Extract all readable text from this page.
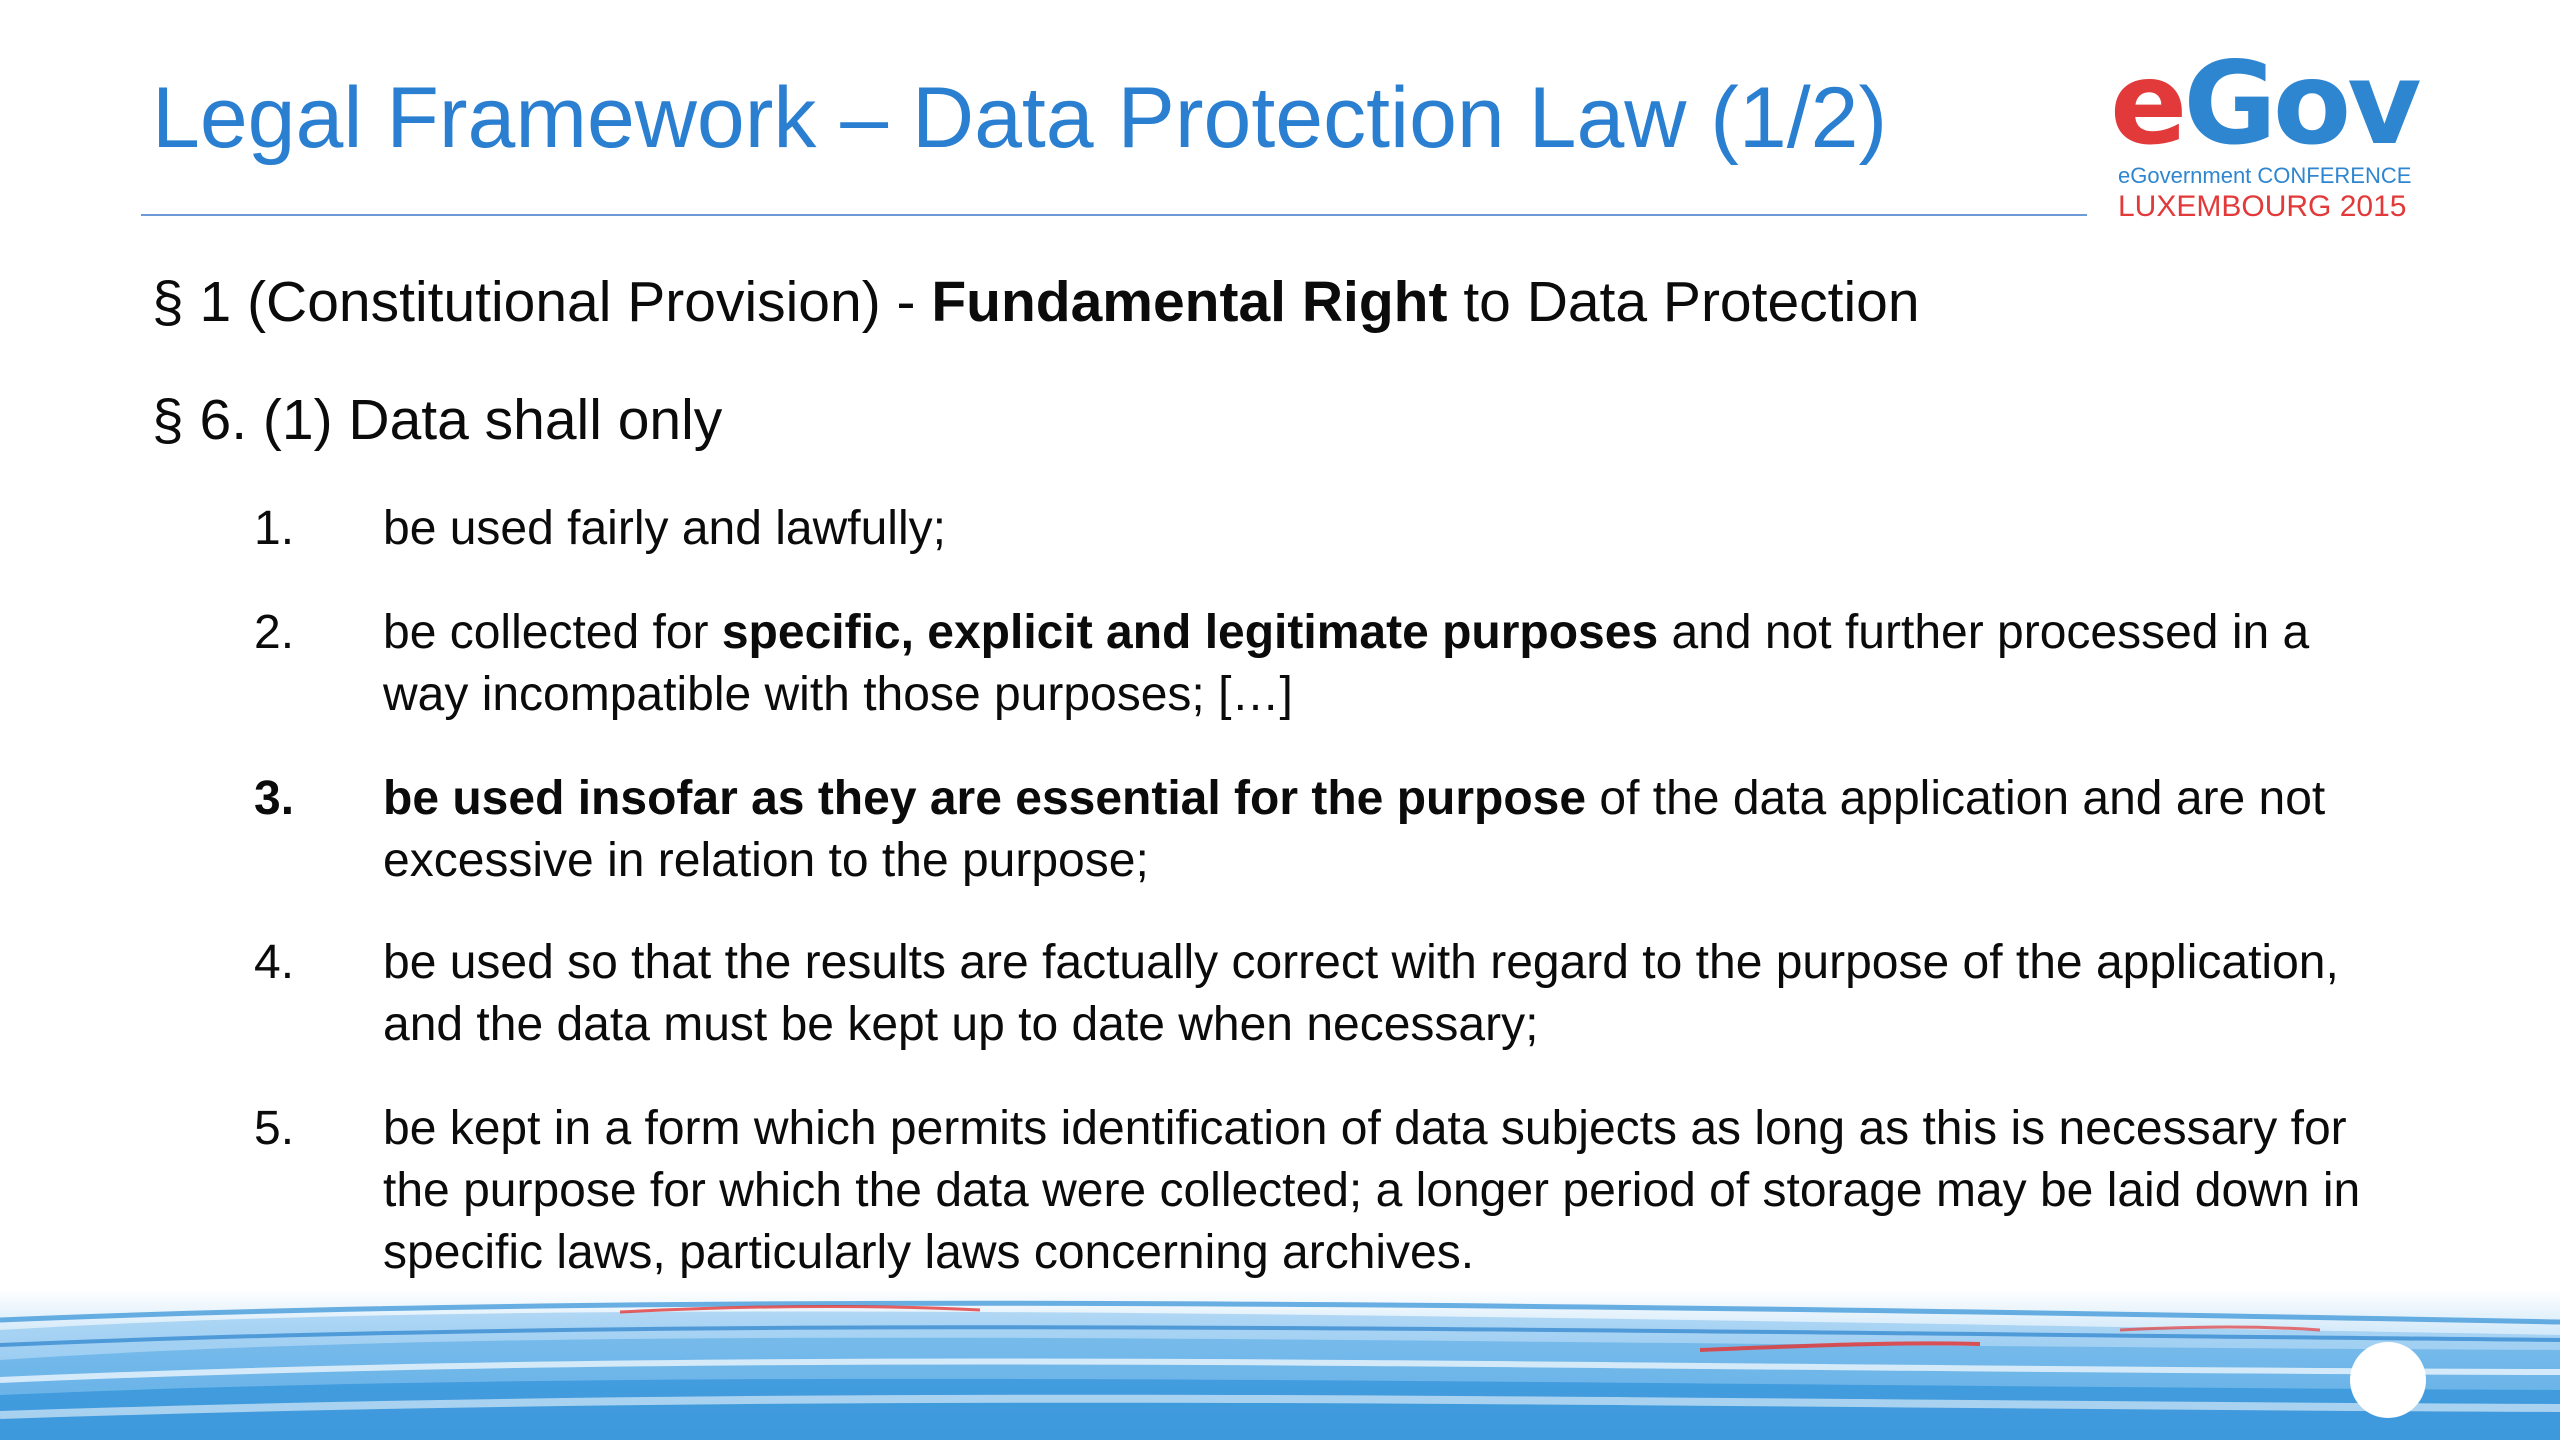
Legal Framework – Data Protection Law (1/2) eGov
eGovernment CONFERENCE
LUXEMBOURG 2015
§ 1 (Constitutional Provision) - Fundamental Right to Data Protection
§ 6. (1) Data shall only
1. be used fairly and lawfully;
2. be collected for specific, explicit and legitimate purposes and not further processed in a way incompatible with those purposes; […]
3. be used insofar as they are essential for the purpose of the data application and are not excessive in relation to the purpose;
4. be used so that the results are factually correct with regard to the purpose of the application, and the data must be kept up to date when necessary;
5. be kept in a form which permits identification of data subjects as long as this is necessary for the purpose for which the data were collected; a longer period of storage may be laid down in specific laws, particularly laws concerning archives.
